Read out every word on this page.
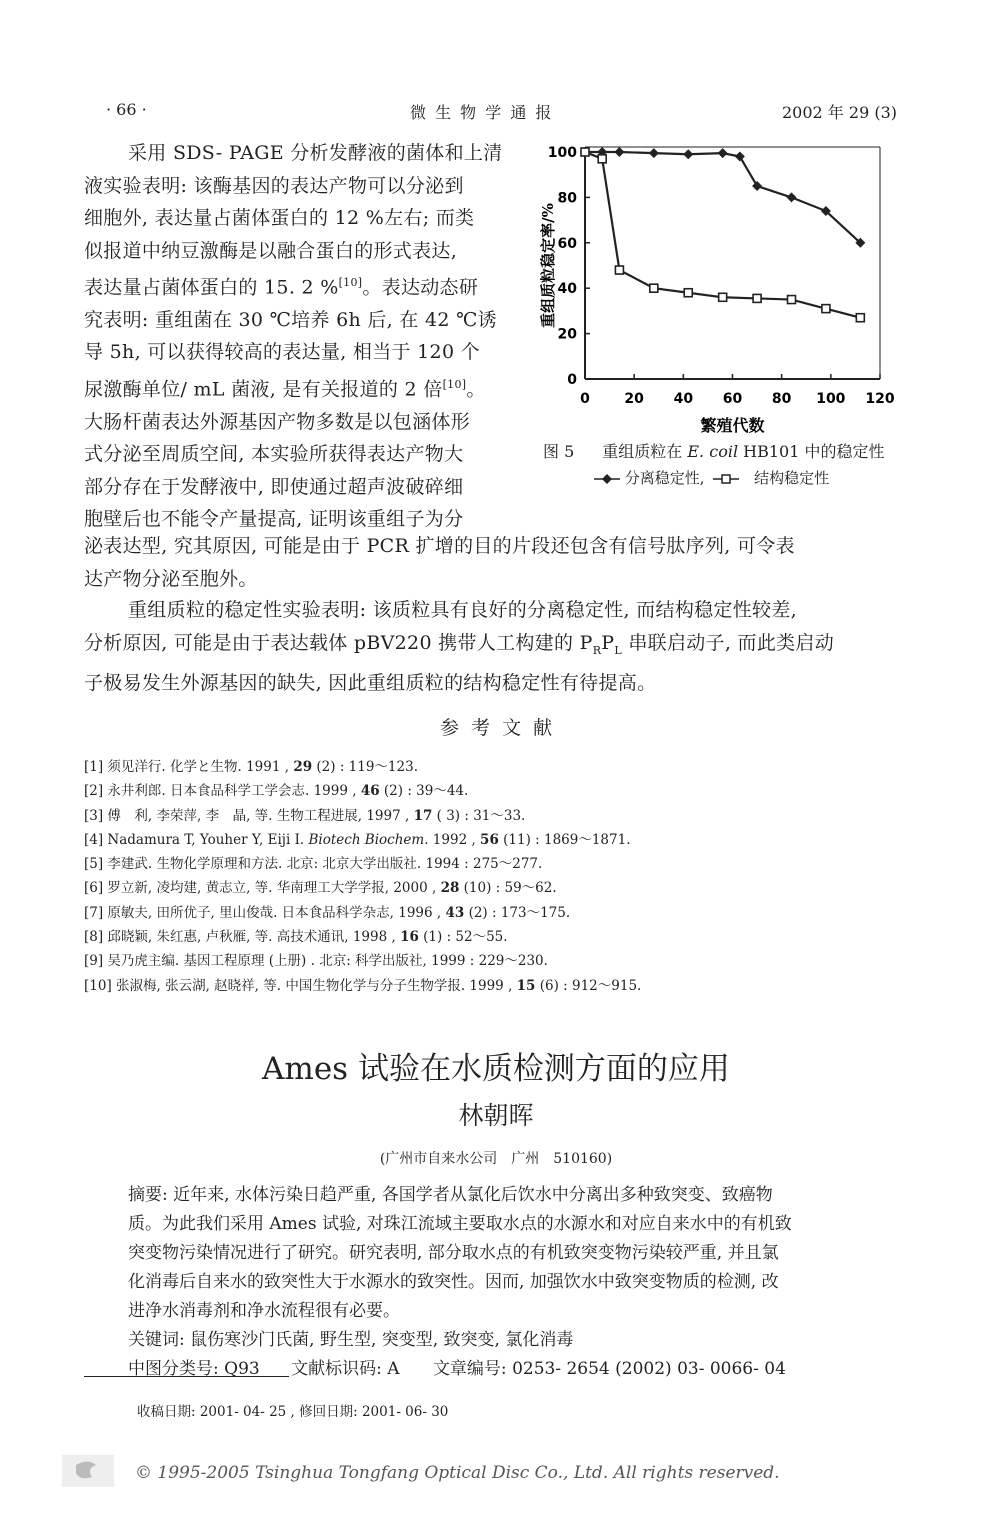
· 66 ·	微 生 物 学 通 报	2002 年 29 (3)
采用 SDS- PAGE 分析发酵液的菌体和上清
液实验表明: 该酶基因的表达产物可以分泌到
细胞外, 表达量占菌体蛋白的 12 %左右; 而类
似报道中纳豆激酶是以融合蛋白的形式表达,
表达量占菌体蛋白的 15. 2 %[10]。表达动态研
究表明: 重组菌在 30 ℃培养 6h 后, 在 42 ℃诱
导 5h, 可以获得较高的表达量, 相当于 120 个
尿激酶单位/ mL 菌液, 是有关报道的 2 倍[10]。
大肠杆菌表达外源基因产物多数是以包涵体形
式分泌至周质空间, 本实验所获得表达产物大
部分存在于发酵液中, 即使通过超声波破碎细
胞壁后也不能令产量提高, 证明该重组子为分
0
20
40
60
80
100
0 20 40 60 80 100 120
繁殖代数
重组质粒稳定率/%
图 5 重组质粒在 E. coil HB101 中的稳定性
分离稳定性,	结构稳定性
泌表达型, 究其原因, 可能是由于 PCR 扩增的目的片段还包含有信号肽序列, 可令表
达产物分泌至胞外。
重组质粒的稳定性实验表明: 该质粒具有良好的分离稳定性, 而结构稳定性较差,
分析原因, 可能是由于表达载体 pBV220 携带人工构建的 $P_RP_L$ 串联启动子, 而此类启动
子极易发生外源基因的缺失, 因此重组质粒的结构稳定性有待提高。
参 考 文 献
[1] 须见洋行. 化学と生物. 1991 , 29 (2) : 119～123.
[2] 永井利郎. 日本食品科学工学会志. 1999 , 46 (2) : 39～44.
[3] 傅　利, 李荣萍, 李　晶, 等. 生物工程进展, 1997 , 17 ( 3) : 31～33.
[4] Nadamura T, Youher Y, Eiji I. Biotech Biochem. 1992 , 56 (11) : 1869～1871.
[5] 李建武. 生物化学原理和方法. 北京: 北京大学出版社. 1994 : 275～277.
[6] 罗立新, 凌均建, 黄志立, 等. 华南理工大学学报, 2000 , 28 (10) : 59～62.
[7] 原敏夫, 田所优子, 里山俊哉. 日本食品科学杂志, 1996 , 43 (2) : 173～175.
[8] 邱晓颖, 朱红惠, 卢秋雁, 等. 高技术通讯, 1998 , 16 (1) : 52～55.
[9] 吴乃虎主编. 基因工程原理 (上册) . 北京: 科学出版社, 1999 : 229～230.
[10] 张淑梅, 张云湖, 赵晓祥, 等. 中国生物化学与分子生物学报. 1999 , 15 (6) : 912～915.
Ames 试验在水质检测方面的应用
林朝晖
(广州市自来水公司　广州　510160)
摘要: 近年来, 水体污染日趋严重, 各国学者从氯化后饮水中分离出多种致突变、致癌物
质。为此我们采用 Ames 试验, 对珠江流域主要取水点的水源水和对应自来水中的有机致
突变物污染情况进行了研究。研究表明, 部分取水点的有机致突变物污染较严重, 并且氯
化消毒后自来水的致突性大于水源水的致突性。因而, 加强饮水中致突变物质的检测, 改
进净水消毒剂和净水流程很有必要。
关键词: 鼠伤寒沙门氏菌, 野生型, 突变型, 致突变, 氯化消毒
中图分类号: Q93 文献标识码: A 文章编号: 0253- 2654 (2002) 03- 0066- 04
收稿日期: 2001- 04- 25 , 修回日期: 2001- 06- 30
© 1995-2005 Tsinghua Tongfang Optical Disc Co., Ltd. All rights reserved.
